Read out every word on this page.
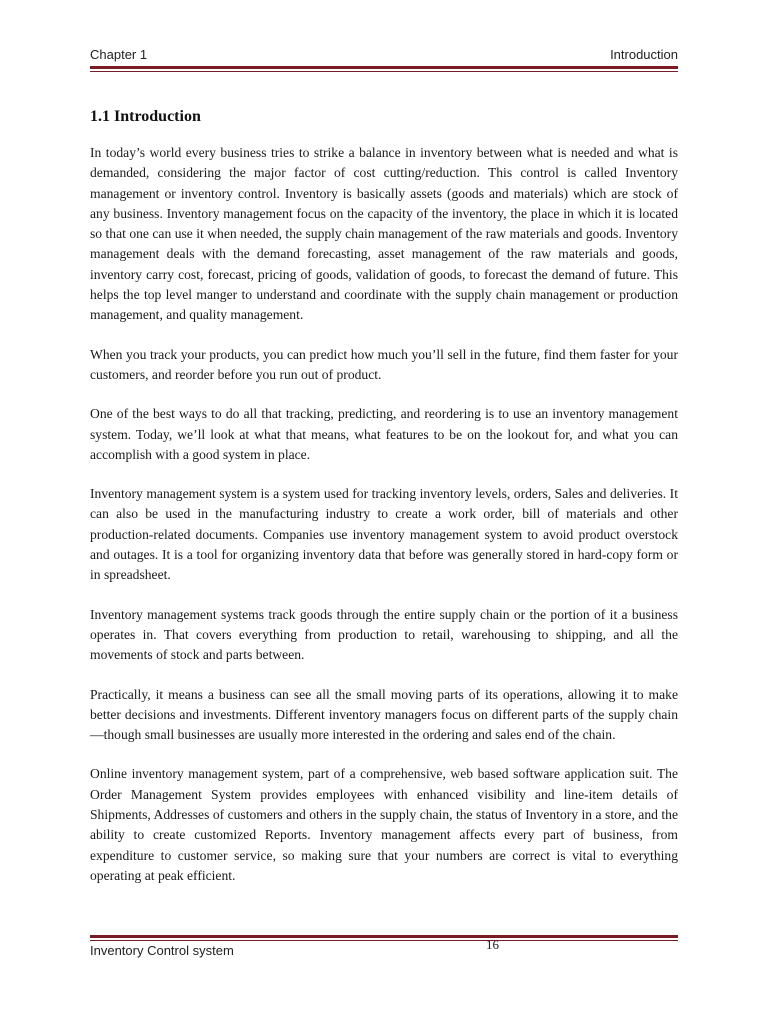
Chapter 1	Introduction
1.1 Introduction

In today’s world every business tries to strike a balance in inventory between what is needed and what is demanded, considering the major factor of cost cutting/reduction. This control is called Inventory management or inventory control. Inventory is basically assets (goods and materials) which are stock of any business. Inventory management focus on the capacity of the inventory, the place in which it is located so that one can use it when needed, the supply chain management of the raw materials and goods. Inventory management deals with the demand forecasting, asset management of the raw materials and goods, inventory carry cost, forecast, pricing of goods, validation of goods, to forecast the demand of future. This helps the top level manger to understand and coordinate with the supply chain management or production management, and quality management.

When you track your products, you can predict how much you’ll sell in the future, find them faster for your customers, and reorder before you run out of product.

One of the best ways to do all that tracking, predicting, and reordering is to use an inventory management system. Today, we’ll look at what that means, what features to be on the lookout for, and what you can accomplish with a good system in place.

Inventory management system is a system used for tracking inventory levels, orders, Sales and deliveries. It can also be used in the manufacturing industry to create a work order, bill of materials and other production-related documents. Companies use inventory management system to avoid product overstock and outages. It is a tool for organizing inventory data that before was generally stored in hard-copy form or in spreadsheet.

Inventory management systems track goods through the entire supply chain or the portion of it a business operates in. That covers everything from production to retail, warehousing to shipping, and all the movements of stock and parts between.

Practically, it means a business can see all the small moving parts of its operations, allowing it to make better decisions and investments. Different inventory managers focus on different parts of the supply chain—though small businesses are usually more interested in the ordering and sales end of the chain.

Online inventory management system, part of a comprehensive, web based software application suit. The Order Management System provides employees with enhanced visibility and line-item details of Shipments, Addresses of customers and others in the supply chain, the status of Inventory in a store, and the ability to create customized Reports. Inventory management affects every part of business, from expenditure to customer service, so making sure that your numbers are correct is vital to everything operating at peak efficient.

16
Inventory Control system
